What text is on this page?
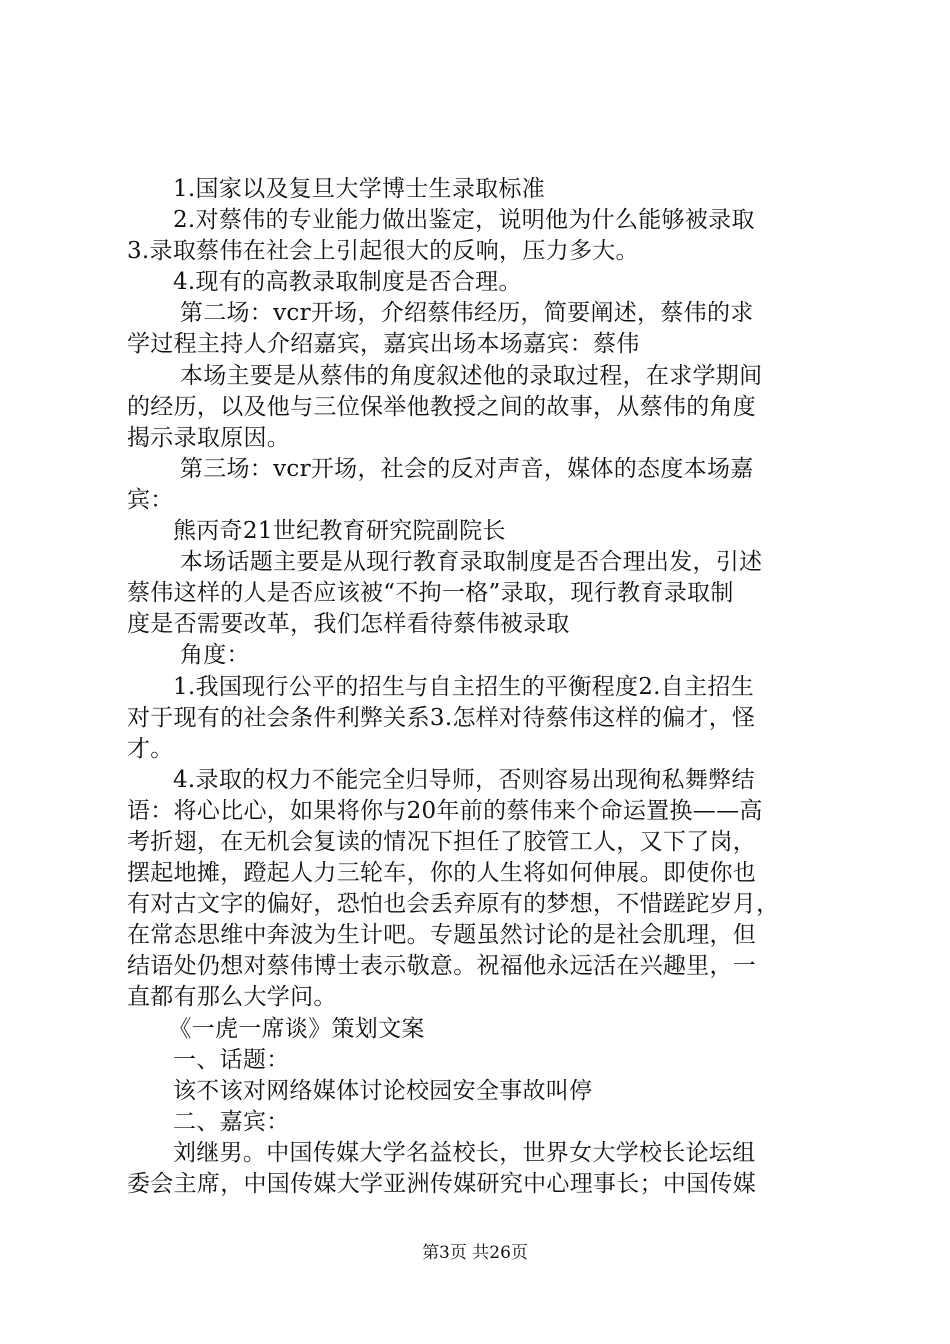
1.国家以及复旦大学博士生录取标准
2.对蔡伟的专业能力做出鉴定，说明他为什么能够被录取
3.录取蔡伟在社会上引起很大的反响，压力多大。
4.现有的高教录取制度是否合理。
第二场：vcr开场，介绍蔡伟经历，简要阐述，蔡伟的求
学过程主持人介绍嘉宾，嘉宾出场本场嘉宾：蔡伟
本场主要是从蔡伟的角度叙述他的录取过程，在求学期间
的经历，以及他与三位保举他教授之间的故事，从蔡伟的角度
揭示录取原因。
第三场：vcr开场，社会的反对声音，媒体的态度本场嘉
宾：
熊丙奇21世纪教育研究院副院长
本场话题主要是从现行教育录取制度是否合理出发，引述
蔡伟这样的人是否应该被“不拘一格”录取，现行教育录取制
度是否需要改革，我们怎样看待蔡伟被录取
角度：
1.我国现行公平的招生与自主招生的平衡程度2.自主招生
对于现有的社会条件利弊关系3.怎样对待蔡伟这样的偏才，怪
才。
4.录取的权力不能完全归导师，否则容易出现徇私舞弊结
语：将心比心，如果将你与20年前的蔡伟来个命运置换——高
考折翅，在无机会复读的情况下担任了胶管工人，又下了岗，
摆起地摊，蹬起人力三轮车，你的人生将如何伸展。即使你也
有对古文字的偏好，恐怕也会丢弃原有的梦想，不惜蹉跎岁月，
在常态思维中奔波为生计吧。专题虽然讨论的是社会肌理，但
结语处仍想对蔡伟博士表示敬意。祝福他永远活在兴趣里，一
直都有那么大学问。
《一虎一席谈》策划文案
一、话题：
该不该对网络媒体讨论校园安全事故叫停
二、嘉宾：
刘继男。中国传媒大学名益校长，世界女大学校长论坛组
委会主席，中国传媒大学亚洲传媒研究中心理事长；中国传媒
第3页 共26页
